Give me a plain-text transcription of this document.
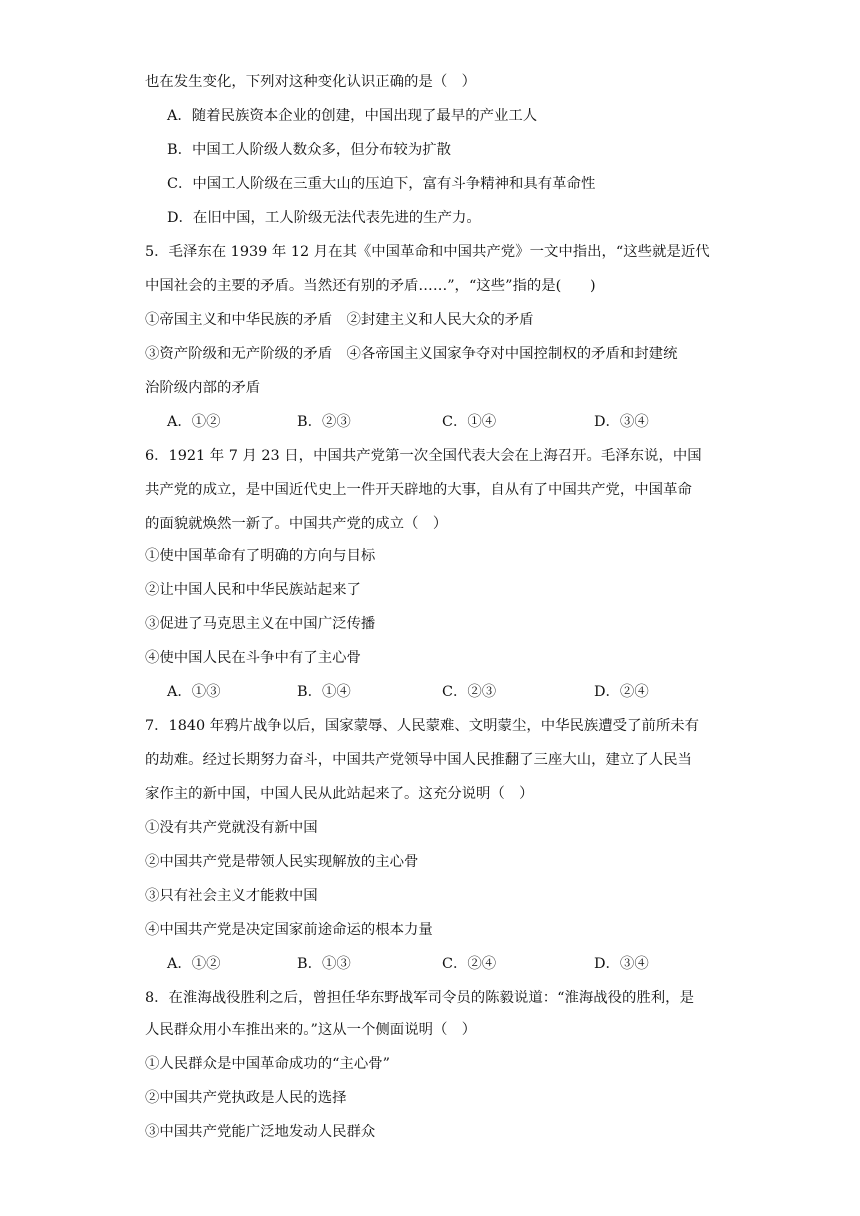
也在发生变化，下列对这种变化认识正确的是（　）
A．随着民族资本企业的创建，中国出现了最早的产业工人
B．中国工人阶级人数众多，但分布较为扩散
C．中国工人阶级在三重大山的压迫下，富有斗争精神和具有革命性
D．在旧中国，工人阶级无法代表先进的生产力。
5．毛泽东在 1939 年 12 月在其《中国革命和中国共产党》一文中指出，“这些就是近代
中国社会的主要的矛盾。当然还有别的矛盾……”，“这些”指的是(　　)
①帝国主义和中华民族的矛盾　②封建主义和人民大众的矛盾
③资产阶级和无产阶级的矛盾　④各帝国主义国家争夺对中国控制权的矛盾和封建统
治阶级内部的矛盾
A．①②	B．②③	C．①④	D．③④
6．1921 年 7 月 23 日，中国共产党第一次全国代表大会在上海召开。毛泽东说，中国
共产党的成立，是中国近代史上一件开天辟地的大事，自从有了中国共产党，中国革命
的面貌就焕然一新了。中国共产党的成立（　）
①使中国革命有了明确的方向与目标
②让中国人民和中华民族站起来了
③促进了马克思主义在中国广泛传播
④使中国人民在斗争中有了主心骨
A．①③	B．①④	C．②③	D．②④
7．1840 年鸦片战争以后，国家蒙辱、人民蒙难、文明蒙尘，中华民族遭受了前所未有
的劫难。经过长期努力奋斗，中国共产党领导中国人民推翻了三座大山，建立了人民当
家作主的新中国，中国人民从此站起来了。这充分说明（　）
①没有共产党就没有新中国
②中国共产党是带领人民实现解放的主心骨
③只有社会主义才能救中国
④中国共产党是决定国家前途命运的根本力量
A．①②	B．①③	C．②④	D．③④
8．在淮海战役胜利之后，曾担任华东野战军司令员的陈毅说道：“淮海战役的胜利，是
人民群众用小车推出来的。”这从一个侧面说明（　）
①人民群众是中国革命成功的“主心骨”
②中国共产党执政是人民的选择
③中国共产党能广泛地发动人民群众
